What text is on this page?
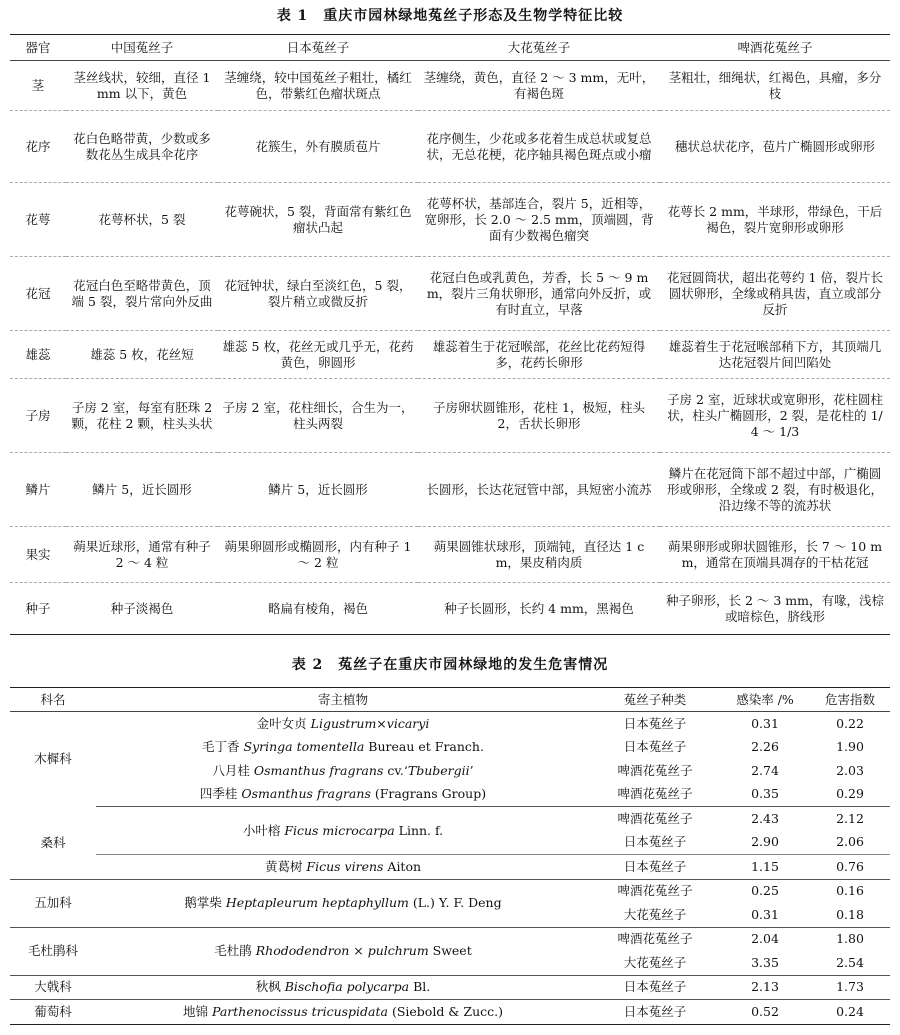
表 1　重庆市园林绿地菟丝子形态及生物学特征比较
器官	中国菟丝子	日本菟丝子	大花菟丝子	啤酒花菟丝子
茎	茎丝线状，较细，直径 1 mm 以下，黄色	茎缠绕，较中国菟丝子粗壮，橘红色，带紫红色瘤状斑点	茎缠绕，黄色，直径 2 ～ 3 mm，无叶，有褐色斑	茎粗壮，细绳状，红褐色，具瘤，多分枝
花序	花白色略带黄，少数或多数花丛生成具伞花序	花簇生，外有膜质苞片	花序侧生，少花或多花着生成总状或复总状，无总花梗，花序轴具褐色斑点或小瘤	穗状总状花序，苞片广椭圆形或卵形
花萼	花萼杯状，5 裂	花萼碗状，5 裂，背面常有紫红色瘤状凸起	花萼杯状，基部连合，裂片 5，近相等，宽卵形，长 2.0 ～ 2.5 mm，顶端圆，背面有少数褐色瘤突	花萼长 2 mm，半球形，带绿色，干后褐色，裂片宽卵形或卵形
花冠	花冠白色至略带黄色，顶端 5 裂，裂片常向外反曲	花冠钟状，绿白至淡红色，5 裂，裂片稍立或微反折	花冠白色或乳黄色，芳香，长 5 ～ 9 mm，裂片三角状卵形，通常向外反折，或有时直立，早落	花冠圆筒状，超出花萼约 1 倍，裂片长圆状卵形，全缘或稍具齿，直立或部分反折
雄蕊	雄蕊 5 枚，花丝短	雄蕊 5 枚，花丝无或几乎无，花药黄色，卵圆形	雄蕊着生于花冠喉部，花丝比花药短得多，花药长卵形	雄蕊着生于花冠喉部稍下方，其顶端几达花冠裂片间凹陷处
子房	子房 2 室，每室有胚珠 2 颗，花柱 2 颗，柱头头状	子房 2 室，花柱细长，合生为一，柱头两裂	子房卵状圆锥形，花柱 1，极短，柱头 2，舌状长卵形	子房 2 室，近球状或宽卵形，花柱圆柱状，柱头广椭圆形，2 裂，是花柱的 1/4 ～ 1/3
鳞片	鳞片 5，近长圆形	鳞片 5，近长圆形	长圆形，长达花冠管中部，具短密小流苏	鳞片在花冠筒下部不超过中部，广椭圆形或卵形，全缘或 2 裂，有时极退化，沿边缘不等的流苏状
果实	蒴果近球形，通常有种子 2 ～ 4 粒	蒴果卵圆形或椭圆形，内有种子 1 ～ 2 粒	蒴果圆锥状球形，顶端钝，直径达 1 cm，果皮稍肉质	蒴果卵形或卵状圆锥形，长 7 ～ 10 mm，通常在顶端具凋存的干枯花冠
种子	种子淡褐色	略扁有棱角，褐色	种子长圆形，长约 4 mm，黑褐色	种子卵形，长 2 ～ 3 mm，有喙，浅棕或暗棕色，脐线形
表 2　菟丝子在重庆市园林绿地的发生危害情况
科名	寄主植物	菟丝子种类	感染率 /%	危害指数
木樨科	金叶女贞 Ligustrum×vicaryi	日本菟丝子	0.31	0.22
	毛丁香 Syringa tomentella Bureau et Franch.	日本菟丝子	2.26	1.90
	八月桂 Osmanthus fragrans cv.‘Tbubergii’	啤酒花菟丝子	2.74	2.03
	四季桂 Osmanthus fragrans (Fragrans Group)	啤酒花菟丝子	0.35	0.29
桑科	小叶榕 Ficus microcarpa Linn. f.	啤酒花菟丝子	2.43	2.12
		日本菟丝子	2.90	2.06
	黄葛树 Ficus virens Aiton	日本菟丝子	1.15	0.76
五加科	鹅掌柴 Heptapleurum heptaphyllum (L.) Y. F. Deng	啤酒花菟丝子	0.25	0.16
		大花菟丝子	0.31	0.18
毛杜鹃科	毛杜鹃 Rhododendron × pulchrum Sweet	啤酒花菟丝子	2.04	1.80
		大花菟丝子	3.35	2.54
大戟科	秋枫 Bischofia polycarpa Bl.	日本菟丝子	2.13	1.73
葡萄科	地锦 Parthenocissus tricuspidata (Siebold & Zucc.)	日本菟丝子	0.52	0.24
